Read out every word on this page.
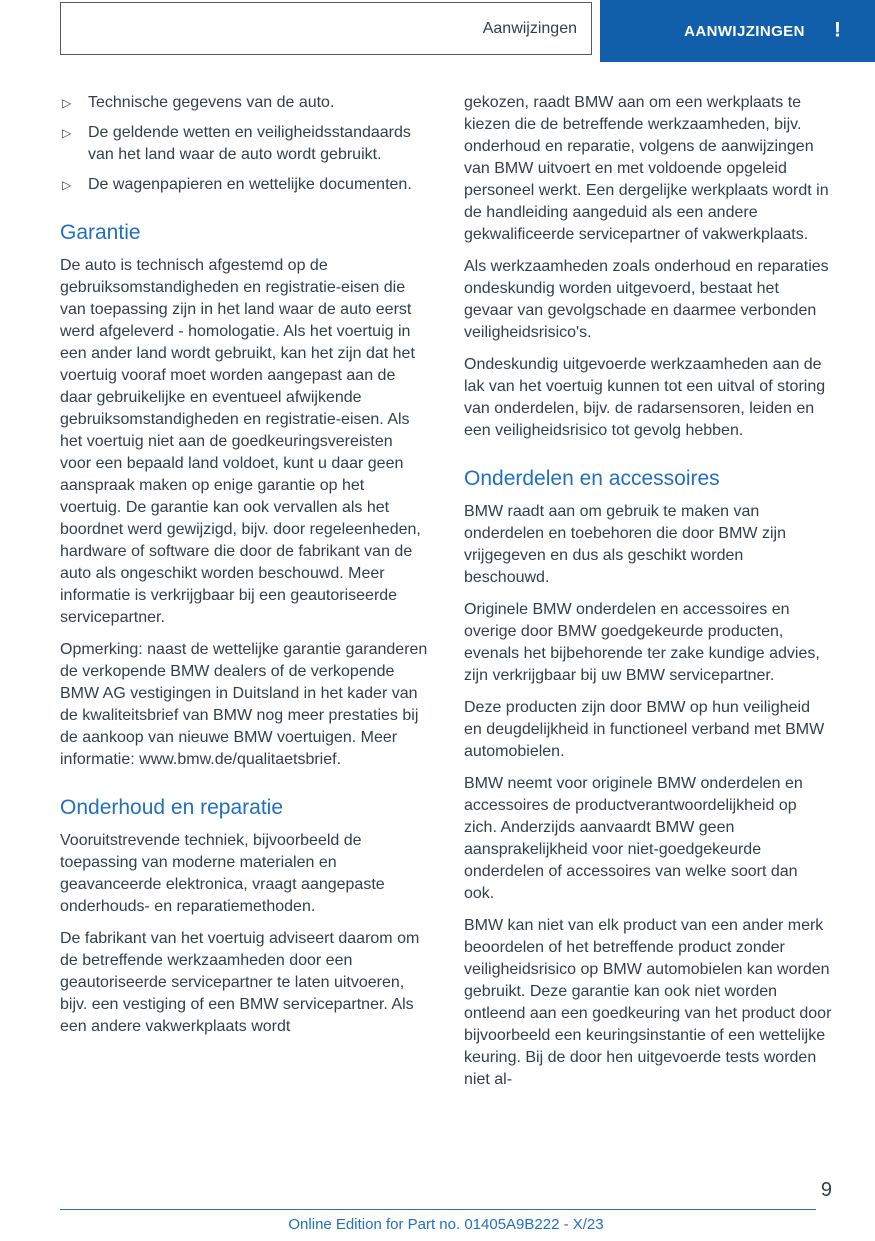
Aanwijzingen	AANWIJZINGEN	!
▷	Technische gegevens van de auto.
▷	De geldende wetten en veiligheidsstandaards van het land waar de auto wordt gebruikt.
▷	De wagenpapieren en wettelijke documenten.
Garantie

De auto is technisch afgestemd op de gebruiksomstandigheden en registratie-eisen die van toepassing zijn in het land waar de auto eerst werd afgeleverd - homologatie. Als het voertuig in een ander land wordt gebruikt, kan het zijn dat het voertuig vooraf moet worden aangepast aan de daar gebruikelijke en eventueel afwijkende gebruiksomstandigheden en registratie-eisen. Als het voertuig niet aan de goedkeuringsvereisten voor een bepaald land voldoet, kunt u daar geen aanspraak maken op enige garantie op het voertuig. De garantie kan ook vervallen als het boordnet werd gewijzigd, bijv. door regeleenheden, hardware of software die door de fabrikant van de auto als ongeschikt worden beschouwd. Meer informatie is verkrijgbaar bij een geautoriseerde servicepartner.

Opmerking: naast de wettelijke garantie garanderen de verkopende BMW dealers of de verkopende BMW AG vestigingen in Duitsland in het kader van de kwaliteitsbrief van BMW nog meer prestaties bij de aankoop van nieuwe BMW voertuigen. Meer informatie: www.bmw.de/qualitaetsbrief.

Onderhoud en reparatie

Vooruitstrevende techniek, bijvoorbeeld de toepassing van moderne materialen en geavanceerde elektronica, vraagt aangepaste onderhouds- en reparatiemethoden.

De fabrikant van het voertuig adviseert daarom om de betreffende werkzaamheden door een geautoriseerde servicepartner te laten uitvoeren, bijv. een vestiging of een BMW servicepartner. Als een andere vakwerkplaats wordt

gekozen, raadt BMW aan om een werkplaats te kiezen die de betreffende werkzaamheden, bijv. onderhoud en reparatie, volgens de aanwijzingen van BMW uitvoert en met voldoende opgeleid personeel werkt. Een dergelijke werkplaats wordt in de handleiding aangeduid als een andere gekwalificeerde servicepartner of vakwerkplaats.

Als werkzaamheden zoals onderhoud en reparaties ondeskundig worden uitgevoerd, bestaat het gevaar van gevolgschade en daarmee verbonden veiligheidsrisico's.

Ondeskundig uitgevoerde werkzaamheden aan de lak van het voertuig kunnen tot een uitval of storing van onderdelen, bijv. de radarsensoren, leiden en een veiligheidsrisico tot gevolg hebben.

Onderdelen en accessoires

BMW raadt aan om gebruik te maken van onderdelen en toebehoren die door BMW zijn vrijgegeven en dus als geschikt worden beschouwd.

Originele BMW onderdelen en accessoires en overige door BMW goedgekeurde producten, evenals het bijbehorende ter zake kundige advies, zijn verkrijgbaar bij uw BMW servicepartner.

Deze producten zijn door BMW op hun veiligheid en deugdelijkheid in functioneel verband met BMW automobielen.

BMW neemt voor originele BMW onderdelen en accessoires de productverantwoordelijkheid op zich. Anderzijds aanvaardt BMW geen aansprakelijkheid voor niet-goedgekeurde onderdelen of accessoires van welke soort dan ook.

BMW kan niet van elk product van een ander merk beoordelen of het betreffende product zonder veiligheidsrisico op BMW automobielen kan worden gebruikt. Deze garantie kan ook niet worden ontleend aan een goedkeuring van het product door bijvoorbeeld een keuringsinstantie of een wettelijke keuring. Bij de door hen uitgevoerde tests worden niet al-

9
Online Edition for Part no. 01405A9B222 - X/23
